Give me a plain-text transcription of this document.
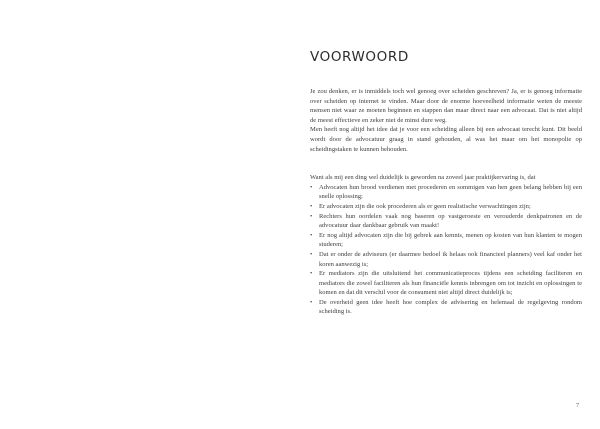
VOORWOORD

Je zou denken, er is inmiddels toch wel genoeg over scheiden geschreven? Ja, er is genoeg informatie over scheiden op internet te vinden. Maar door de enorme hoeveelheid informatie weten de meeste mensen niet waar ze moeten beginnen en stappen dan maar direct naar een advocaat. Dat is niet altijd de meest effectieve en zeker niet de minst dure weg.

Men heeft nog altijd het idee dat je voor een scheiding alleen bij een advocaat terecht kunt. Dit beeld wordt door de advocatuur graag in stand gehouden, al was het maar om het monopolie op scheidingstaken te kunnen behouden.

Want als mij een ding wel duidelijk is geworden na zoveel jaar praktijkervaring is, dat

• Advocaten hun brood verdienen met procederen en sommigen van hen geen belang hebben bij een snelle oplossing;
• Er advocaten zijn die ook procederen als er geen realistische verwachtingen zijn;
• Rechters hun oordelen vaak nog baseren op vastgeroeste en verouderde denkpatronen en de advocatuur daar dankbaar gebruik van maakt!
• Er nog altijd advocaten zijn die bij gebrek aan kennis, menen op kosten van hun klanten te mogen studeren;
• Dat er onder de adviseurs (er daarmee bedoel ik helaas ook financieel planners) veel kaf onder het koren aanwezig is;
• Er mediators zijn die uitsluitend het communicatieproces tijdens een scheiding faciliteren en mediators die zowel faciliteren als hun financiële kennis inbrengen om tot inzicht en oplossingen te komen en dat dit verschil voor de consument niet altijd direct duidelijk is;
• De overheid geen idee heeft hoe complex de advisering en helemaal de regelgeving rondom scheiding is.
7
